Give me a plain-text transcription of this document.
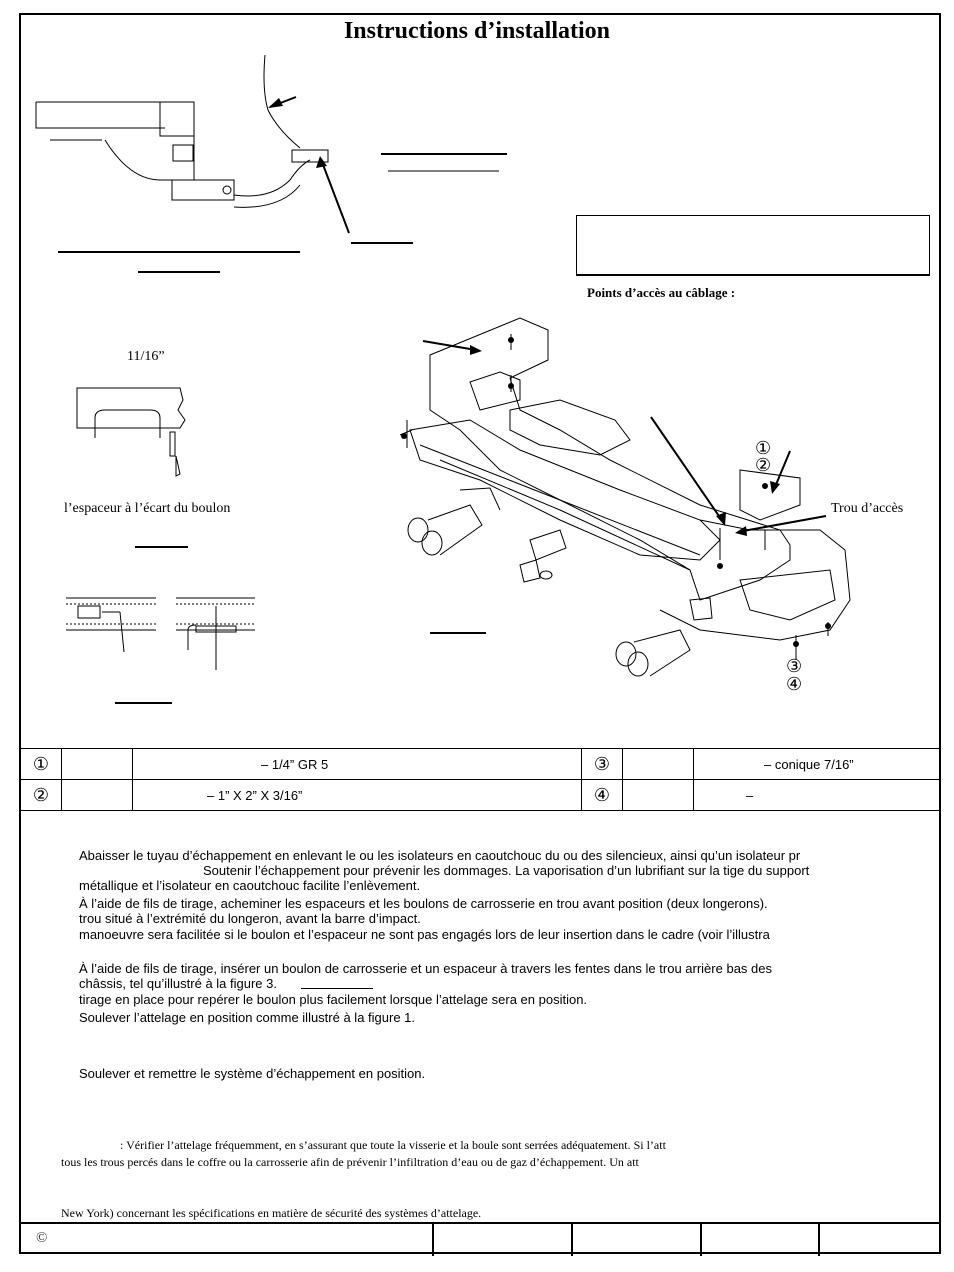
Instructions d’installation
Points d’accès au câblage :
11/16”
l’espaceur à l’écart du boulon
①
②
③
④
Trou d’accès
①		– 1/4” GR 5	③		– conique 7/16”
②		– 1” X 2” X 3/16”	④		–
Abaisser le tuyau d’échappement en enlevant le ou les isolateurs en caoutchouc du ou des silencieux, ainsi qu’un isolateur pr
Soutenir l’échappement pour prévenir les dommages. La vaporisation d’un lubrifiant sur la tige du support
métallique et l’isolateur en caoutchouc facilite l’enlèvement.
À l’aide de fils de tirage, acheminer les espaceurs et les boulons de carrosserie en trou avant position (deux longerons).
trou situé à l’extrémité du longeron, avant la barre d’impact.
manoeuvre sera facilitée si le boulon et l’espaceur ne sont pas engagés lors de leur insertion dans le cadre (voir l’illustra
À l’aide de fils de tirage, insérer un boulon de carrosserie et un espaceur à travers les fentes dans le trou arrière bas des
châssis, tel qu’illustré à la figure 3.
tirage en place pour repérer le boulon plus facilement lorsque l’attelage sera en position.
Soulever l’attelage en position comme illustré à la figure 1.
Soulever et remettre le système d’échappement en position.
: Vérifier l’attelage fréquemment, en s’assurant que toute la visserie et la boule sont serrées adéquatement. Si l’att
tous les trous percés dans le coffre ou la carrosserie afin de prévenir l’infiltration d’eau ou de gaz d’échappement. Un att
New York) concernant les spécifications en matière de sécurité des systèmes d’attelage.
©
